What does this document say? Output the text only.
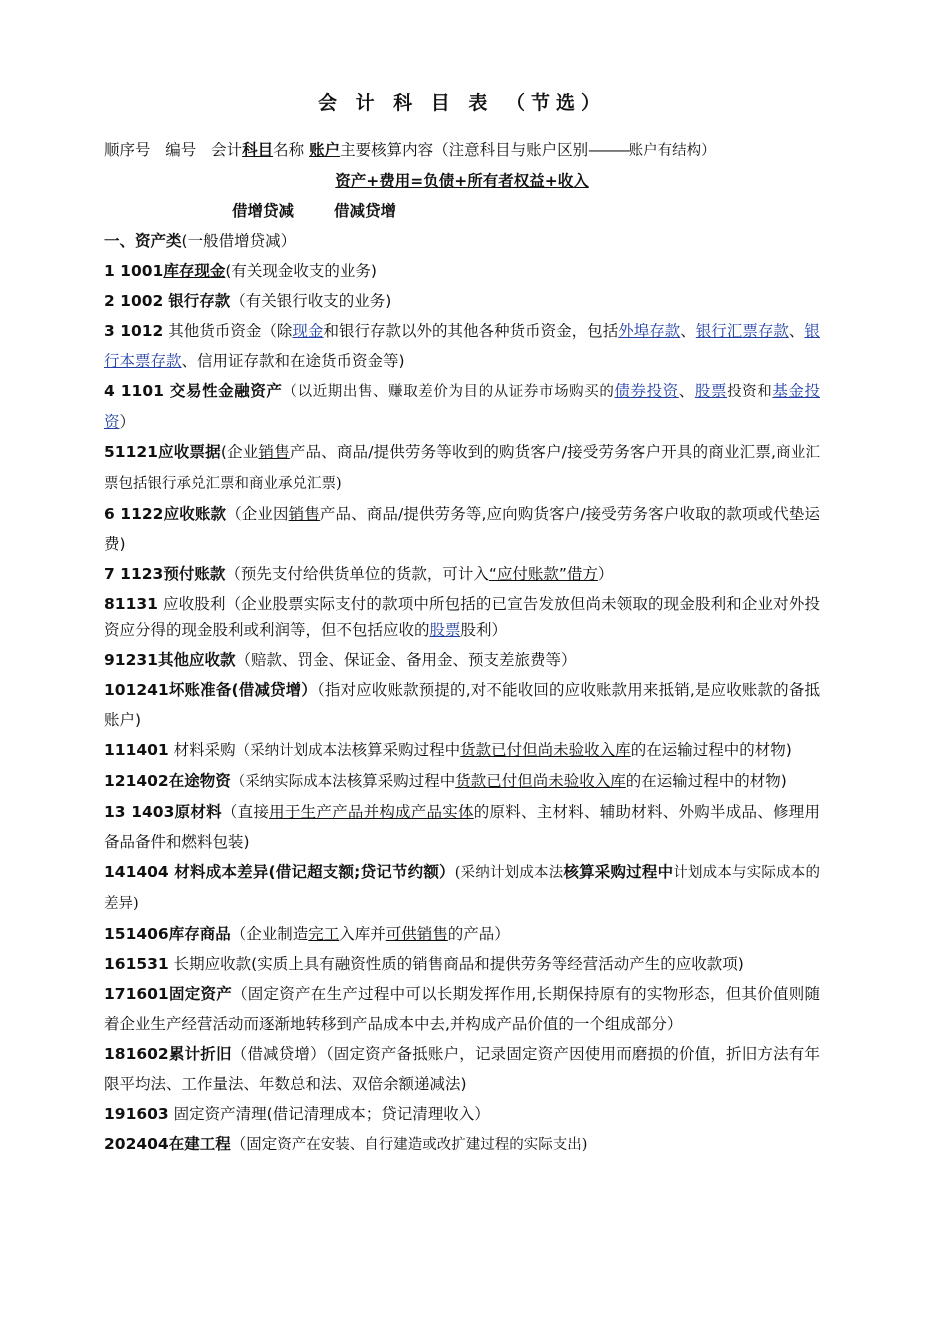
会 计 科 目 表 （节选）
顺序号 编号 会计科目名称 账户主要核算内容（注意科目与账户区别———账户有结构）
资产+费用=负债+所有者权益+收入
借增贷减	借减贷增
一、资产类(一般借增贷减）
1 1001库存现金(有关现金收支的业务)
2 1002 银行存款（有关银行收支的业务)
3 1012 其他货币资金（除现金和银行存款以外的其他各种货币资金，包括外埠存款、银行汇票存款、银行本票存款、信用证存款和在途货币资金等)
4 1101 交易性金融资产（以近期出售、赚取差价为目的从证券市场购买的债券投资、股票投资和基金投资）
51121应收票据(企业销售产品、商品/提供劳务等收到的购货客户/接受劳务客户开具的商业汇票,商业汇票包括银行承兑汇票和商业承兑汇票)
6 1122应收账款（企业因销售产品、商品/提供劳务等,应向购货客户/接受劳务客户收取的款项或代垫运费)
7 1123预付账款（预先支付给供货单位的货款，可计入“应付账款”借方）
81131 应收股利（企业股票实际支付的款项中所包括的已宣告发放但尚未领取的现金股利和企业对外投资应分得的现金股利或利润等，但不包括应收的股票股利）
91231其他应收款（赔款、罚金、保证金、备用金、预支差旅费等）
101241坏账准备(借减贷增）（指对应收账款预提的,对不能收回的应收账款用来抵销,是应收账款的备抵账户)
111401 材料采购（采纳计划成本法核算采购过程中货款已付但尚未验收入库的在运输过程中的材物)
121402在途物资（采纳实际成本法核算采购过程中货款已付但尚未验收入库的在运输过程中的材物)
13 1403原材料（直接用于生产产品并构成产品实体的原料、主材料、辅助材料、外购半成品、修理用备品备件和燃料包装)
141404 材料成本差异(借记超支额;贷记节约额）(采纳计划成本法核算采购过程中计划成本与实际成本的差异)
151406库存商品（企业制造完工入库并可供销售的产品）
161531 长期应收款(实质上具有融资性质的销售商品和提供劳务等经营活动产生的应收款项)
171601固定资产（固定资产在生产过程中可以长期发挥作用,长期保持原有的实物形态，但其价值则随着企业生产经营活动而逐渐地转移到产品成本中去,并构成产品价值的一个组成部分）
181602累计折旧（借减贷增）（固定资产备抵账户，记录固定资产因使用而磨损的价值，折旧方法有年限平均法、工作量法、年数总和法、双倍余额递减法)
191603 固定资产清理(借记清理成本；贷记清理收入）
202404在建工程（固定资产在安装、自行建造或改扩建过程的实际支出)
